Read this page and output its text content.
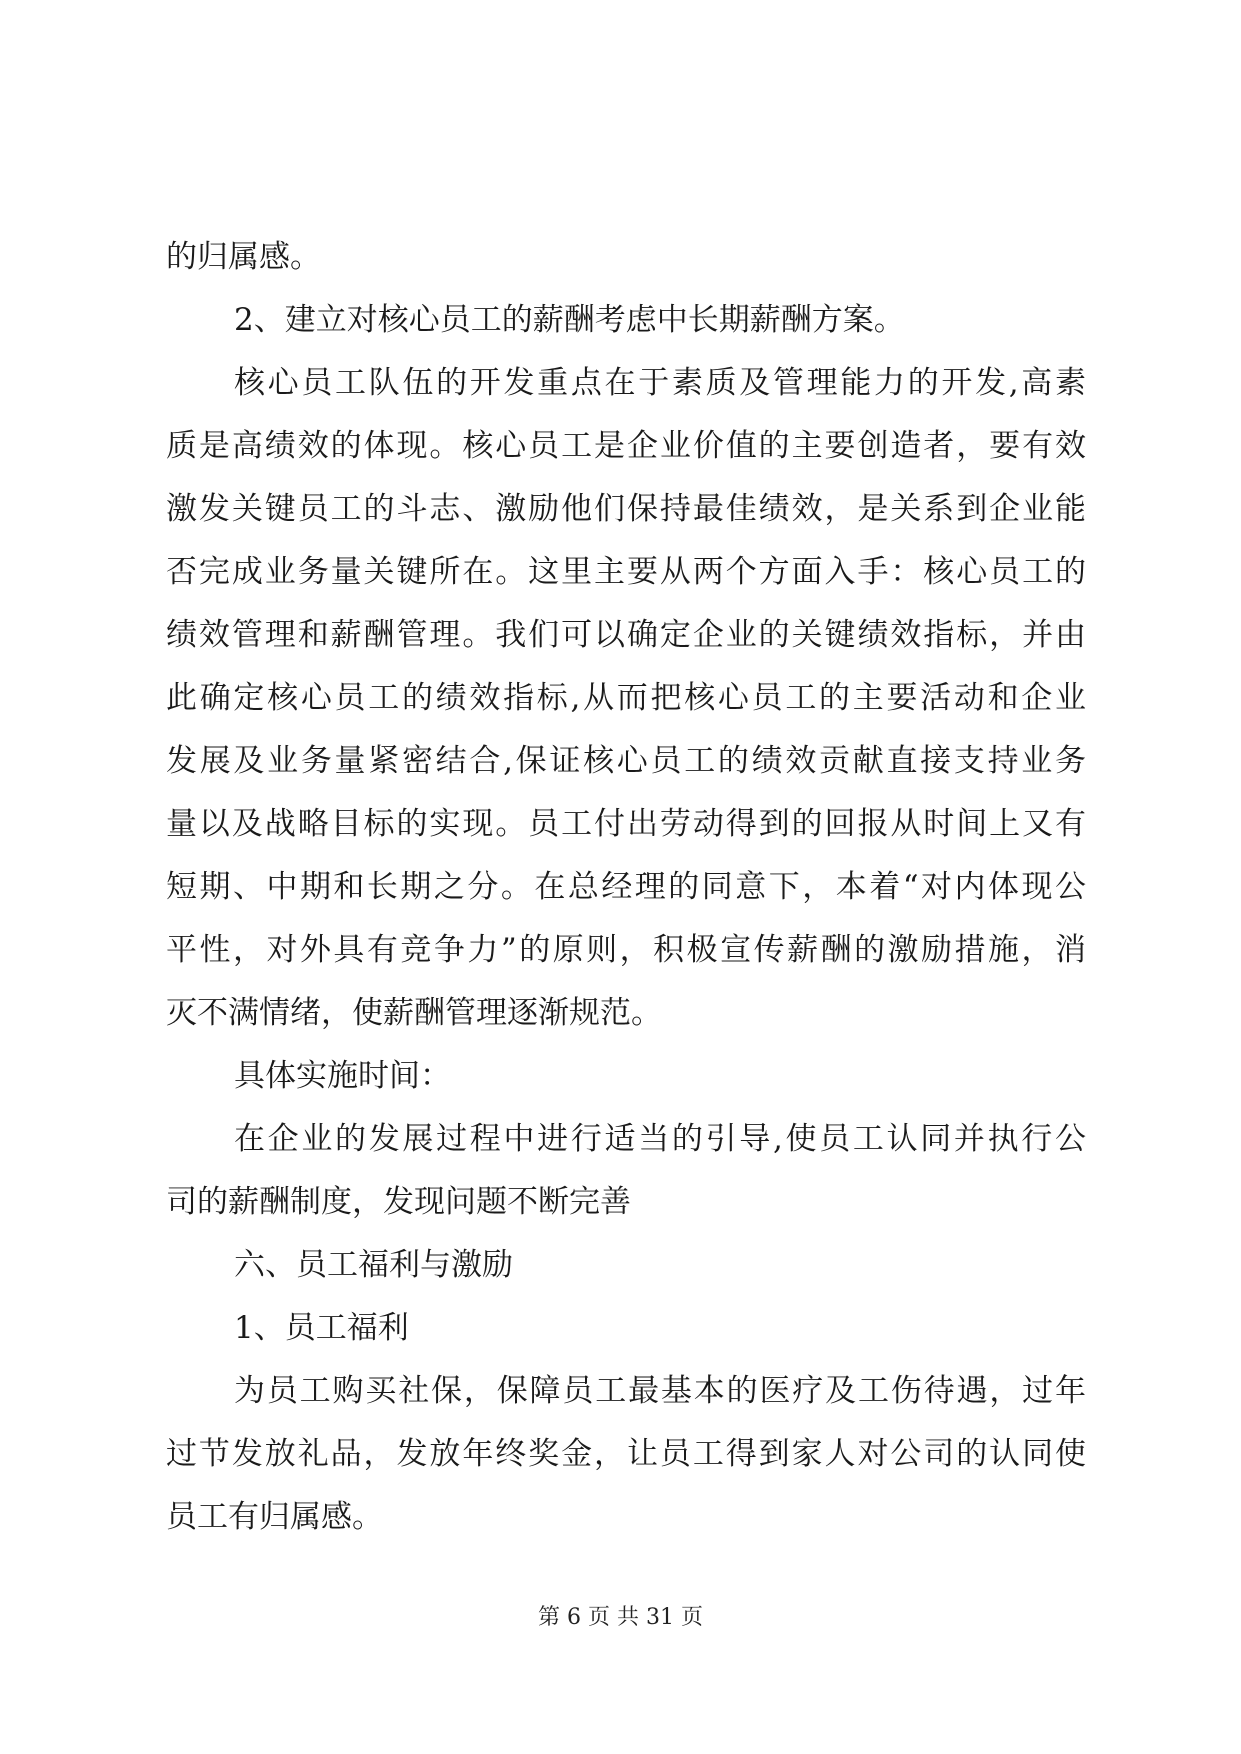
的归属感。
2、建立对核心员工的薪酬考虑中长期薪酬方案。
核心员工队伍的开发重点在于素质及管理能力的开发,高素
质是高绩效的体现。核心员工是企业价值的主要创造者，要有效
激发关键员工的斗志、激励他们保持最佳绩效，是关系到企业能
否完成业务量关键所在。这里主要从两个方面入手：核心员工的
绩效管理和薪酬管理。我们可以确定企业的关键绩效指标，并由
此确定核心员工的绩效指标,从而把核心员工的主要活动和企业
发展及业务量紧密结合,保证核心员工的绩效贡献直接支持业务
量以及战略目标的实现。员工付出劳动得到的回报从时间上又有
短期、中期和长期之分。在总经理的同意下，本着“对内体现公
平性，对外具有竞争力”的原则，积极宣传薪酬的激励措施，消
灭不满情绪，使薪酬管理逐渐规范。
具体实施时间：
在企业的发展过程中进行适当的引导,使员工认同并执行公
司的薪酬制度，发现问题不断完善
六、员工福利与激励
1、员工福利
为员工购买社保，保障员工最基本的医疗及工伤待遇，过年
过节发放礼品，发放年终奖金，让员工得到家人对公司的认同使
员工有归属感。
第 6 页 共 31 页
